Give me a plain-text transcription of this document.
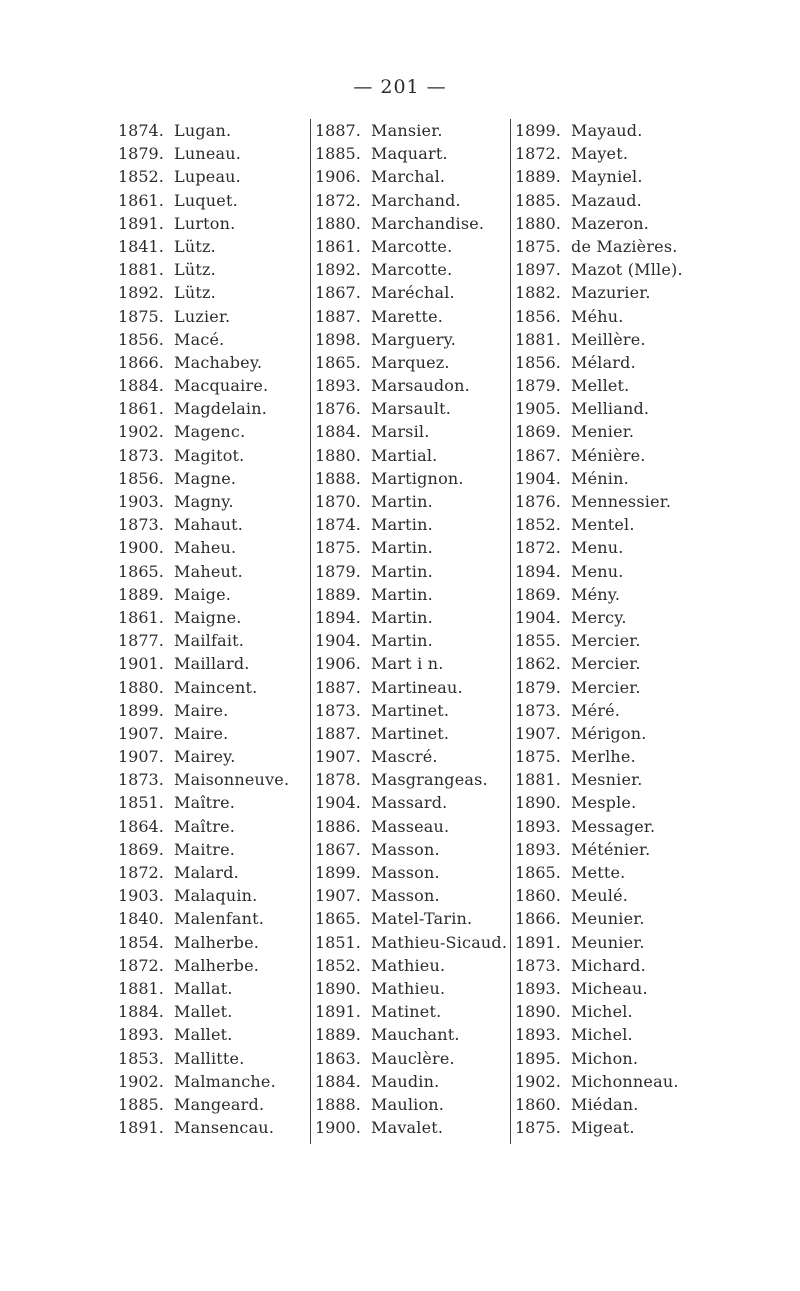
— 201 —
1874. Lugan.
1879. Luneau.
1852. Lupeau.
1861. Luquet.
1891. Lurton.
1841. Lütz.
1881. Lütz.
1892. Lütz.
1875. Luzier.
1856. Macé.
1866. Machabey.
1884. Macquaire.
1861. Magdelain.
1902. Magenc.
1873. Magitot.
1856. Magne.
1903. Magny.
1873. Mahaut.
1900. Maheu.
1865. Maheut.
1889. Maige.
1861. Maigne.
1877. Mailfait.
1901. Maillard.
1880. Maincent.
1899. Maire.
1907. Maire.
1907. Mairey.
1873. Maisonneuve.
1851. Maître.
1864. Maître.
1869. Maitre.
1872. Malard.
1903. Malaquin.
1840. Malenfant.
1854. Malherbe.
1872. Malherbe.
1881. Mallat.
1884. Mallet.
1893. Mallet.
1853. Mallitte.
1902. Malmanche.
1885. Mangeard.
1891. Mansencau.
1887. Mansier.
1885. Maquart.
1906. Marchal.
1872. Marchand.
1880. Marchandise.
1861. Marcotte.
1892. Marcotte.
1867. Maréchal.
1887. Marette.
1898. Marguery.
1865. Marquez.
1893. Marsaudon.
1876. Marsault.
1884. Marsil.
1880. Martial.
1888. Martignon.
1870. Martin.
1874. Martin.
1875. Martin.
1879. Martin.
1889. Martin.
1894. Martin.
1904. Martin.
1906. Mart i n.
1887. Martineau.
1873. Martinet.
1887. Martinet.
1907. Mascré.
1878. Masgrangeas.
1904. Massard.
1886. Masseau.
1867. Masson.
1899. Masson.
1907. Masson.
1865. Matel-Tarin.
1851. Mathieu-Sicaud.
1852. Mathieu.
1890. Mathieu.
1891. Matinet.
1889. Mauchant.
1863. Mauclère.
1884. Maudin.
1888. Maulion.
1900. Mavalet.
1899. Mayaud.
1872. Mayet.
1889. Mayniel.
1885. Mazaud.
1880. Mazeron.
1875. de Mazières.
1897. Mazot (Mlle).
1882. Mazurier.
1856. Méhu.
1881. Meillère.
1856. Mélard.
1879. Mellet.
1905. Melliand.
1869. Menier.
1867. Ménière.
1904. Ménin.
1876. Mennessier.
1852. Mentel.
1872. Menu.
1894. Menu.
1869. Mény.
1904. Mercy.
1855. Mercier.
1862. Mercier.
1879. Mercier.
1873. Méré.
1907. Mérigon.
1875. Merlhe.
1881. Mesnier.
1890. Mesple.
1893. Messager.
1893. Méténier.
1865. Mette.
1860. Meulé.
1866. Meunier.
1891. Meunier.
1873. Michard.
1893. Micheau.
1890. Michel.
1893. Michel.
1895. Michon.
1902. Michonneau.
1860. Miédan.
1875. Migeat.
